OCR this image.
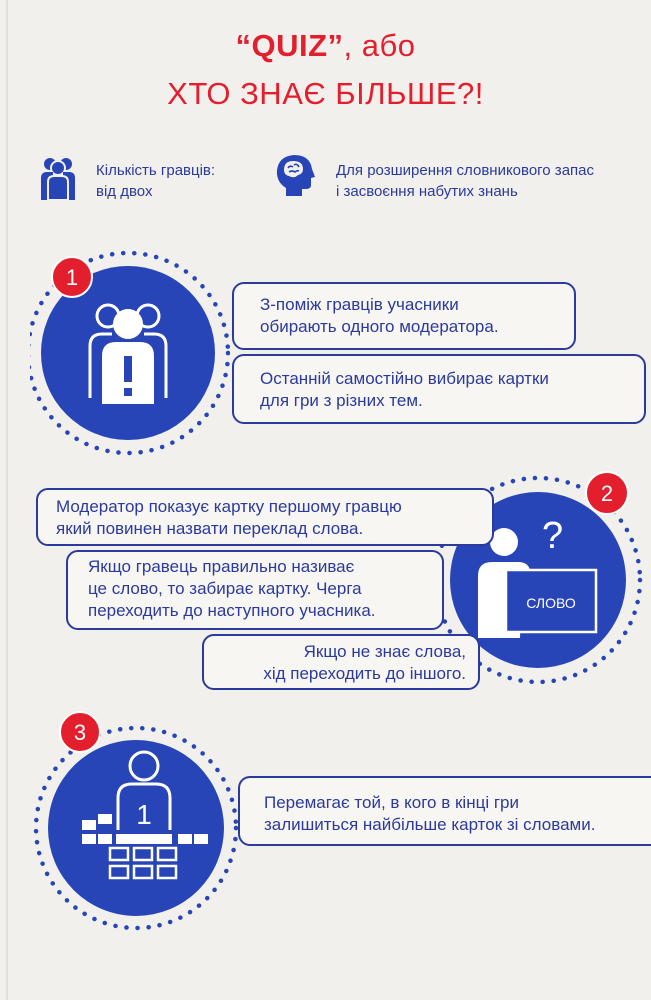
“QUIZ”, або
ХТО ЗНАЄ БІЛЬШЕ?!
Кількість гравців:
від двох
Для розширення словникового запас
і засвоєння набутих знань
1
З-поміж гравців учасники
обирають одного модератора.
Останній самостійно вибирає картки
для гри з різних тем.
?
СЛОВО
2
Модератор показує картку першому гравцю
який повинен назвати переклад слова.
Якщо гравець правильно називає
це слово, то забирає картку. Черга
переходить до наступного учасника.
Якщо не знає слова,
хід переходить до іншого.
1
3
Перемагає той, в кого в кінці гри
залишиться найбільше карток зі словами.
